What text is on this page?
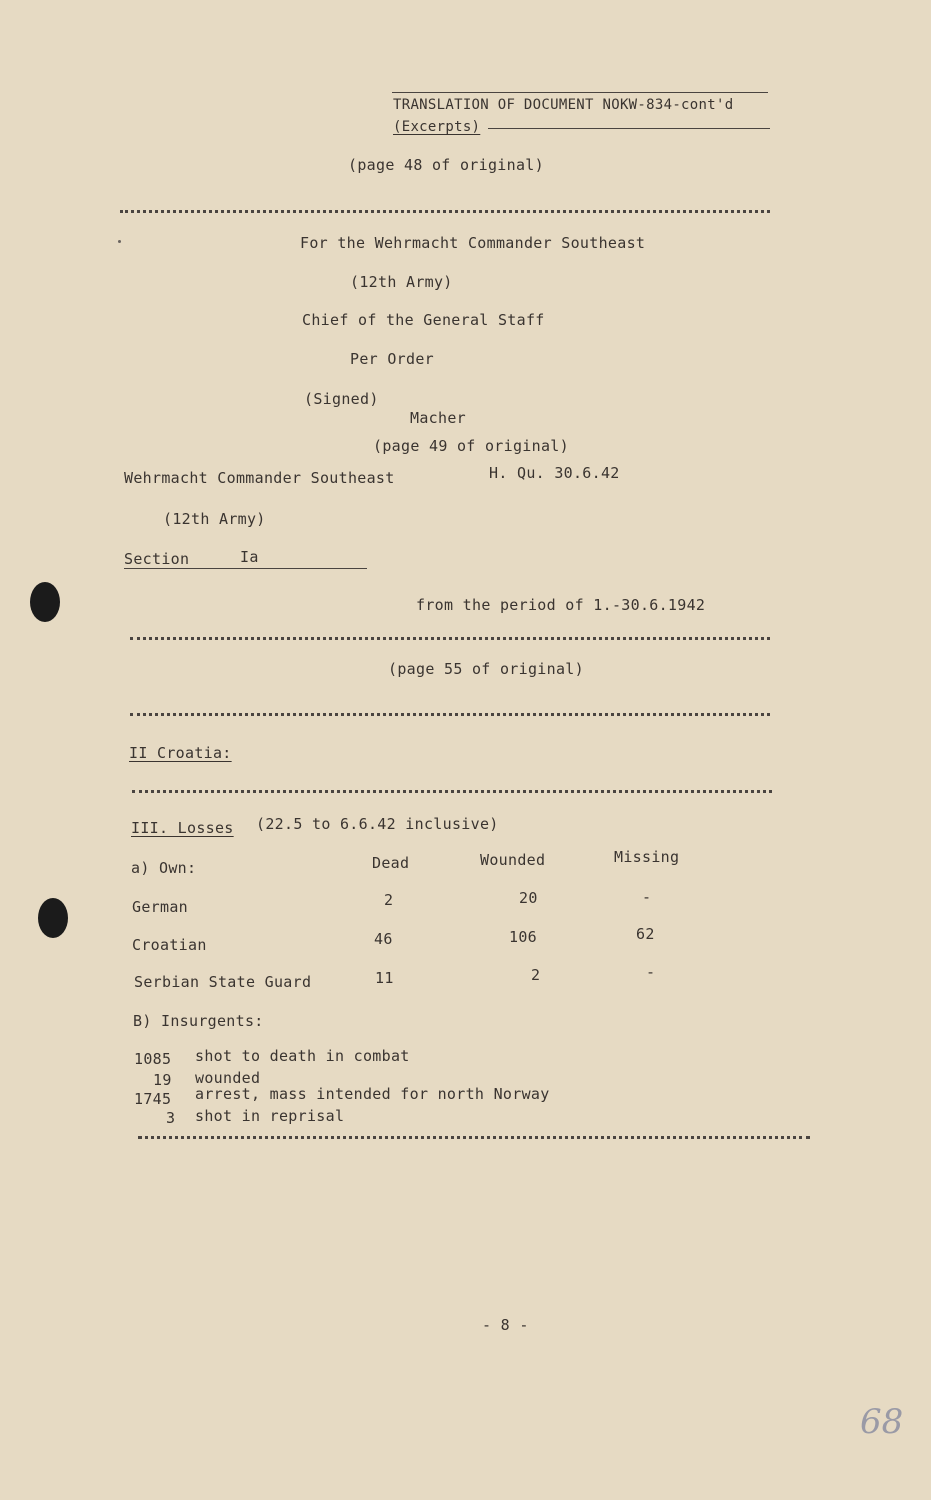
TRANSLATION OF DOCUMENT NOKW-834-cont'd
(Excerpts)
(page 48 of original)
For the Wehrmacht Commander Southeast
(12th Army)
Chief of the General Staff
Per Order
(Signed)
Macher
(page 49 of original)
Wehrmacht Commander Southeast	H. Qu. 30.6.42
(12th Army)
Section	Ia
from the period of 1.-30.6.1942
(page 55 of original)
II Croatia:
III. Losses (22.5 to 6.6.42 inclusive)
a) Own:	Dead	Wounded	Missing
German	2	20	-
Croatian	46	106	62
Serbian State Guard	11	2	-
B) Insurgents:
1085 shot to death in combat
19 wounded
1745 arrest, mass intended for north Norway
3 shot in reprisal
- 8 -
68
